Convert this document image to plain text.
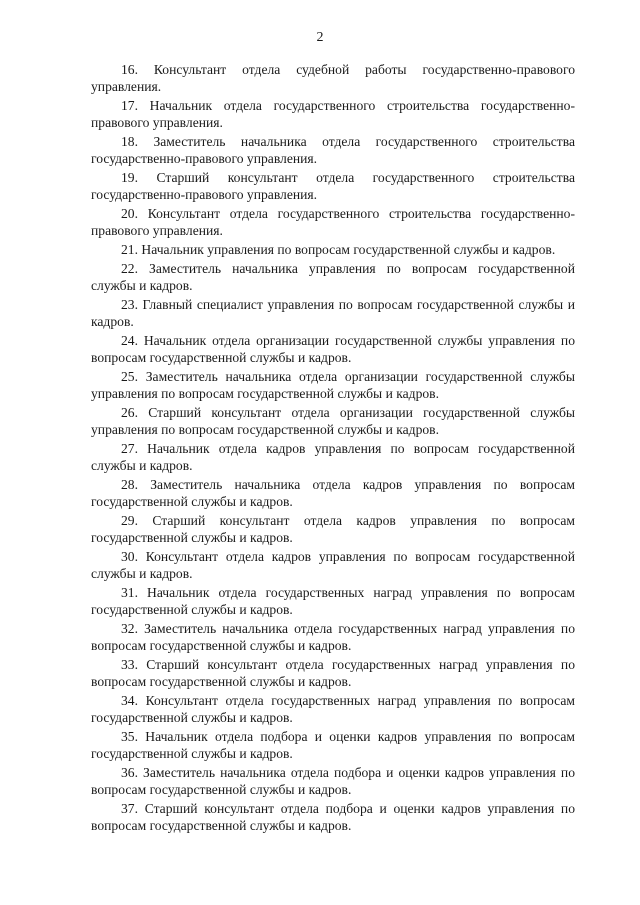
2

16. Консультант отдела судебной работы государственно-правового управления.

17. Начальник отдела государственного строительства государственно-правового управления.

18. Заместитель начальника отдела государственного строительства государственно-правового управления.

19. Старший консультант отдела государственного строительства государственно-правового управления.

20. Консультант отдела государственного строительства государственно-правового управления.

21. Начальник управления по вопросам государственной службы и кадров.

22. Заместитель начальника управления по вопросам государственной службы и кадров.

23. Главный специалист управления по вопросам государственной службы и кадров.

24. Начальник отдела организации государственной службы управления по вопросам государственной службы и кадров.

25. Заместитель начальника отдела организации государственной службы управления по вопросам государственной службы и кадров.

26. Старший консультант отдела организации государственной службы управления по вопросам государственной службы и кадров.

27. Начальник отдела кадров управления по вопросам государственной службы и кадров.

28. Заместитель начальника отдела кадров управления по вопросам государственной службы и кадров.

29. Старший консультант отдела кадров управления по вопросам государственной службы и кадров.

30. Консультант отдела кадров управления по вопросам государственной службы и кадров.

31. Начальник отдела государственных наград управления по вопросам государственной службы и кадров.

32. Заместитель начальника отдела государственных наград управления по вопросам государственной службы и кадров.

33. Старший консультант отдела государственных наград управления по вопросам государственной службы и кадров.

34. Консультант отдела государственных наград управления по вопросам государственной службы и кадров.

35. Начальник отдела подбора и оценки кадров управления по вопросам государственной службы и кадров.

36. Заместитель начальника отдела подбора и оценки кадров управления по вопросам государственной службы и кадров.

37. Старший консультант отдела подбора и оценки кадров управления по вопросам государственной службы и кадров.
